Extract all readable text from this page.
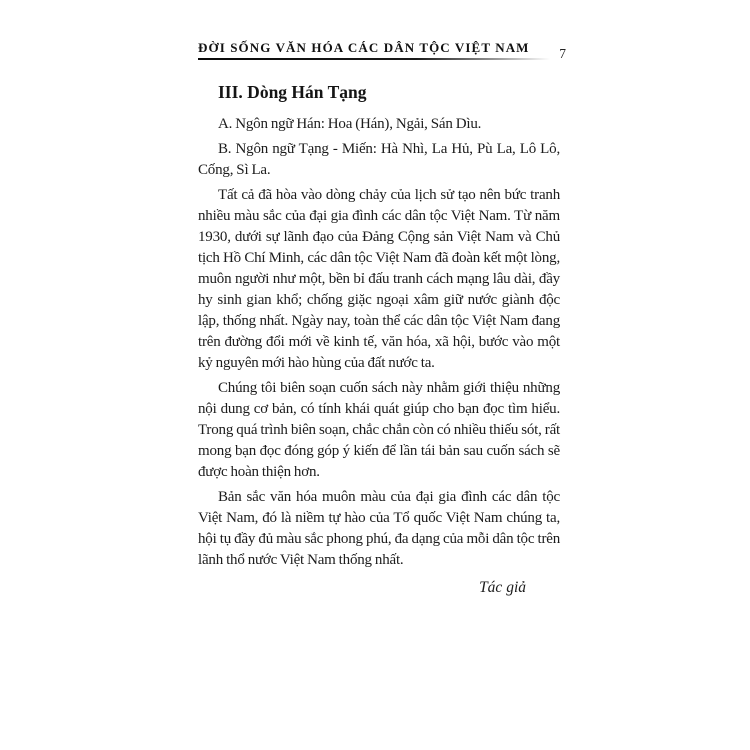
ĐỜI SỐNG VĂN HÓA CÁC DÂN TỘC VIỆT NAM	7
III. Dòng Hán Tạng

A. Ngôn ngữ Hán: Hoa (Hán), Ngải, Sán Dìu.

B. Ngôn ngữ Tạng - Miến: Hà Nhì, La Hủ, Pù La, Lô Lô, Cống, Sì La.

Tất cả đã hòa vào dòng chảy của lịch sử tạo nên bức tranh nhiều màu sắc của đại gia đình các dân tộc Việt Nam. Từ năm 1930, dưới sự lãnh đạo của Đảng Cộng sản Việt Nam và Chủ tịch Hồ Chí Minh, các dân tộc Việt Nam đã đoàn kết một lòng, muôn người như một, bền bỉ đấu tranh cách mạng lâu dài, đầy hy sinh gian khổ; chống giặc ngoại xâm giữ nước giành độc lập, thống nhất. Ngày nay, toàn thể các dân tộc Việt Nam đang trên đường đổi mới về kinh tế, văn hóa, xã hội, bước vào một kỷ nguyên mới hào hùng của đất nước ta.

Chúng tôi biên soạn cuốn sách này nhằm giới thiệu những nội dung cơ bản, có tính khái quát giúp cho bạn đọc tìm hiểu. Trong quá trình biên soạn, chắc chắn còn có nhiều thiếu sót, rất mong bạn đọc đóng góp ý kiến để lần tái bản sau cuốn sách sẽ được hoàn thiện hơn.

Bản sắc văn hóa muôn màu của đại gia đình các dân tộc Việt Nam, đó là niềm tự hào của Tổ quốc Việt Nam chúng ta, hội tụ đầy đủ màu sắc phong phú, đa dạng của mỗi dân tộc trên lãnh thổ nước Việt Nam thống nhất.

Tác giả
